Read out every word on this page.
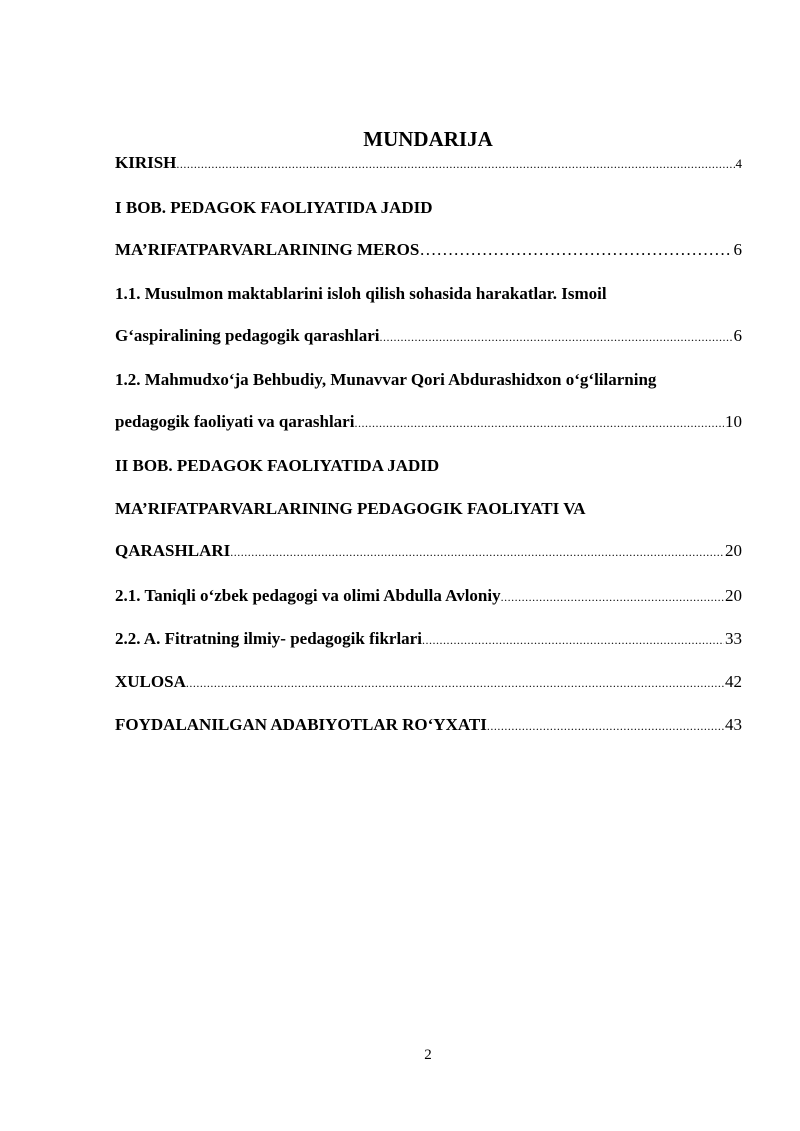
MUNDARIJA
KIRISH .....	4
I BOB. PEDAGOK FAOLIYATIDA JADID
MA’RIFATPARVARLARINING MEROS …………………………………………………………………………………………………………	6
1.1. Musulmon maktablarini isloh qilish sohasida harakatlar. Ismoil
G‘aspiralining pedagogik qarashlari .....	6
1.2. Mahmudxo‘ja Behbudiy, Munavvar Qori Abdurashidxon o‘g‘lilarning
pedagogik faoliyati va qarashlari .....	10
II BOB. PEDAGOK FAOLIYATIDA JADID
MA’RIFATPARVARLARINING PEDAGOGIK FAOLIYATI VA
QARASHLARI .....	20
2.1. Taniqli o‘zbek pedagogi va olimi Abdulla Avloniy .....	20
2.2. A. Fitratning ilmiy- pedagogik fikrlari .....	33
XULOSA .....	42
FOYDALANILGAN ADABIYOTLAR RO‘YXATI .....	43
2
